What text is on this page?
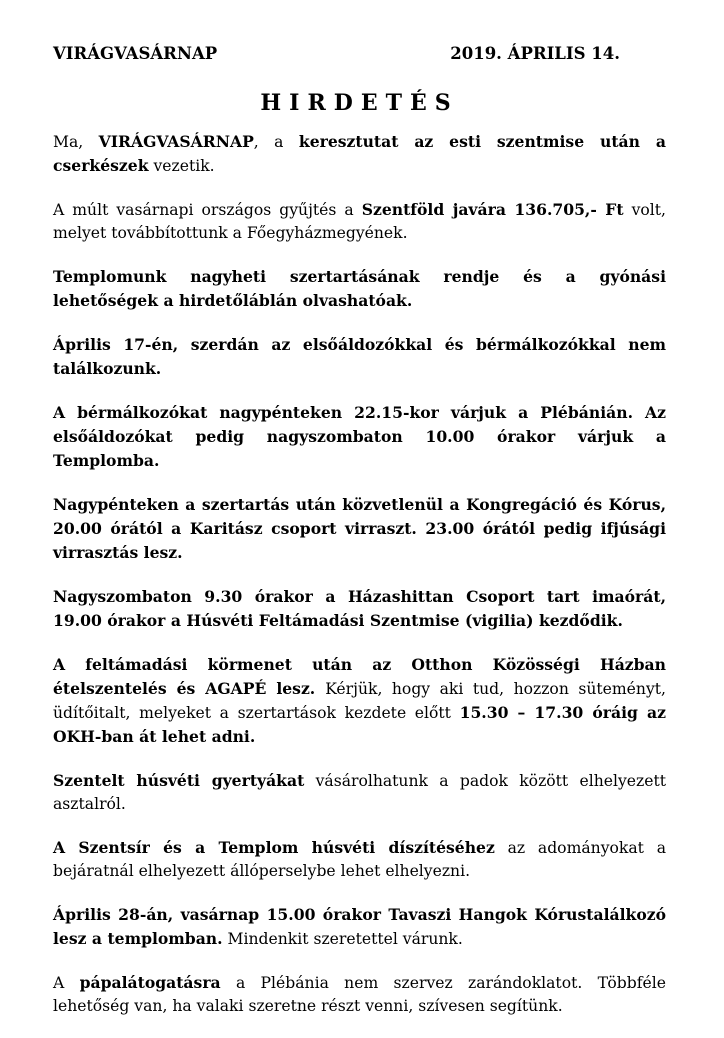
VIRÁGVASÁRNAP	2019. ÁPRILIS 14.
HIRDETÉS

Ma, VIRÁGVASÁRNAP, a keresztutat az esti szentmise után a cserkészek vezetik.

A múlt vasárnapi országos gyűjtés a Szentföld javára 136.705,- Ft volt, melyet továbbítottunk a Főegyházmegyének.

Templomunk nagyheti szertartásának rendje és a gyónási lehetőségek a hirdetőláblán olvashatóak.

Április 17-én, szerdán az elsőáldozókkal és bérmálkozókkal nem találkozunk.

A bérmálkozókat nagypénteken 22.15-kor várjuk a Plébánián. Az elsőáldozókat pedig nagyszombaton 10.00 órakor várjuk a Templomba.

Nagypénteken a szertartás után közvetlenül a Kongregáció és Kórus, 20.00 órától a Karitász csoport virraszt. 23.00 órától pedig ifjúsági virrasztás lesz.

Nagyszombaton 9.30 órakor a Házashittan Csoport tart imaórát, 19.00 órakor a Húsvéti Feltámadási Szentmise (vigilia) kezdődik.

A feltámadási körmenet után az Otthon Közösségi Házban ételszentelés és AGAPÉ lesz. Kérjük, hogy aki tud, hozzon süteményt, üdítőitalt, melyeket a szertartások kezdete előtt 15.30 – 17.30 óráig az OKH-ban át lehet adni.

Szentelt húsvéti gyertyákat vásárolhatunk a padok között elhelyezett asztalról.

A Szentsír és a Templom húsvéti díszítéséhez az adományokat a bejáratnál elhelyezett állóperselybe lehet elhelyezni.

Április 28-án, vasárnap 15.00 órakor Tavaszi Hangok Kórustalálkozó lesz a templomban. Mindenkit szeretettel várunk.

A pápalátogatásra a Plébánia nem szervez zarándoklatot. Többféle lehetőség van, ha valaki szeretne részt venni, szívesen segítünk.
